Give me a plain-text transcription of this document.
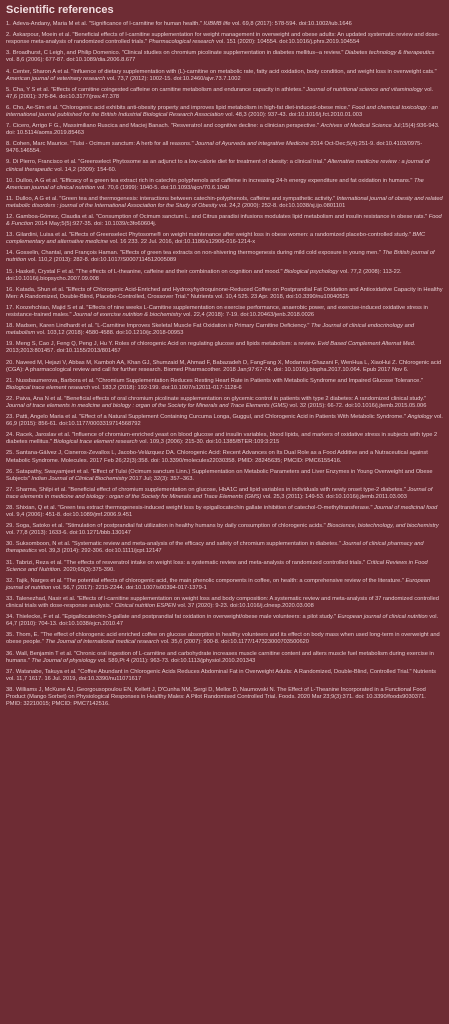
Scientific references
1. Adeva-Andany, Maria M et al. "Significance of l-carnitine for human health." IUBMB life vol. 69,8 (2017): 578-594. doi:10.1002/iub.1646
2. Askarpour, Moein et al. "Beneficial effects of l-carnitine supplementation for weight management in overweight and obese adults: An updated systematic review and dose-response meta-analysis of randomized controlled trials." Pharmacological research vol. 151 (2020): 104554. doi:10.1016/j.phrs.2019.104554
3. Broadhurst, C Leigh, and Philip Domenico. "Clinical studies on chromium picolinate supplementation in diabetes mellitus--a review." Diabetes technology & therapeutics vol. 8,6 (2006): 677-87. doi:10.1089/dia.2006.8.677
4. Center, Sharon A et al. "Influence of dietary supplementation with (L)-carnitine on metabolic rate, fatty acid oxidation, body condition, and weight loss in overweight cats." American journal of veterinary research vol. 73,7 (2012): 1002-15. doi:10.2460/ajvr.73.7.1002
5. Cha, Y S et al. "Effects of carnitine coingested caffeine on carnitine metabolism and endurance capacity in athletes." Journal of nutritional science and vitaminology vol. 47,6 (2001): 378-84. doi:10.3177/jnsv.47.378
6. Cho, Ae-Sim et al. "Chlorogenic acid exhibits anti-obesity property and improves lipid metabolism in high-fat diet-induced-obese mice." Food and chemical toxicology : an international journal published for the British Industrial Biological Research Association vol. 48,3 (2010): 937-43. doi:10.1016/j.fct.2010.01.003
7. Cicero, Arrigo F G., Massimiliano Ruscica and Maciej Banach. "Resveratrol and cognitive decline: a clinician perspective." Archives of Medical Science Jul;15(4):936-943. doi: 10.5114/aoms.2019.85463
8. Cohen, Marc Maurice. "Tulsi - Ocimum sanctum: A herb for all reasons." Journal of Ayurveda and integrative Medicine 2014 Oct-Dec;5(4):251-9. doi:10.4103/0975-9476.146554.
9. Di Pierro, Francisco et al. "Greenselect Phytosome as an adjunct to a low-calorie diet for treatment of obesity: a clinical trial." Alternative medicine review : a journal of clinical therapeutic vol. 14,2 (2009): 154-60.
10. Dulloo, A G et al. "Efficacy of a green tea extract rich in catechin polyphenols and caffeine in increasing 24-h energy expenditure and fat oxidation in humans." The American journal of clinical nutrition vol. 70,6 (1999): 1040-5. doi:10.1093/ajcn/70.6.1040
11. Dulloo, A G et al. "Green tea and thermogenesis: interactions between catechin-polyphenols, caffeine and sympathetic activity." International journal of obesity and related metabolic disorders : journal of the International Association for the Study of Obesity vol. 24,2 (2000): 252-8. doi:10.1038/sj.ijo.0801101
12. Gamboa-Gómez, Claudia et al. "Consumption of Ocimum sanctum L. and Citrus paradisi infusions modulates lipid metabolism and insulin resistance in obese rats." Food & Function 2014 May;5(5):927-35. doi: 10.1039/c3fo60604j.
13. Gilardini, Luisa et al. "Effects of Greenselect Phytosome® on weight maintenance after weight loss in obese women: a randomized placebo-controlled study." BMC complementary and alternative medicine vol. 16 233. 22 Jul. 2016, doi:10.1186/s12906-016-1214-x
14. Gosselin, Chantal, and François Haman. "Effects of green tea extracts on non-shivering thermogenesis during mild cold exposure in young men." The British journal of nutrition vol. 110,2 (2013): 282-8. doi:10.1017/S0007114512005089
15. Haskell, Crystal F et al. "The effects of L-theanine, caffeine and their combination on cognition and mood." Biological psychology vol. 77,2 (2008): 113-22. doi:10.1016/j.biopsycho.2007.09.008
16. Katada, Shun et al. "Effects of Chlorogenic Acid-Enriched and Hydroxyhydroquinone-Reduced Coffee on Postprandial Fat Oxidation and Antioxidative Capacity in Healthy Men: A Randomized, Double-Blind, Placebo-Controlled, Crossover Trial." Nutrients vol. 10,4 525. 23 Apr. 2018, doi:10.3390/nu10040525
17. Koozehchian, Majid S et al. "Effects of nine weeks L-Carnitine supplementation on exercise performance, anaerobic power, and exercise-induced oxidative stress in resistance-trained males." Journal of exercise nutrition & biochemistry vol. 22,4 (2018): 7-19. doi:10.20463/jenb.2018.0026
18. Madsen, Karen Lindhardt et al. "L-Carnitine Improves Skeletal Muscle Fat Oxidation in Primary Carnitine Deficiency." The Journal of clinical endocrinology and metabolism vol. 103,12 (2018): 4580-4588. doi:10.1210/jc.2018-00953
19. Meng S, Cao J, Feng Q, Peng J, Hu Y. Roles of chlorogenic Acid on regulating glucose and lipids metabolism: a review. Evid Based Complement Alternat Med. 2013;2013:801457. doi:10.1155/2013/801457
20. Naveed M, Hejazi V, Abbas M, Kamboh AA, Khan GJ, Shumzaid M, Ahmad F, Babazadeh D, FangFang X, Modarresi-Ghazani F, WenHua L, XiaoHui Z. Chlorogenic acid (CGA): A pharmacological review and call for further research. Biomed Pharmacother. 2018 Jan;97:67-74. doi: 10.1016/j.biopha.2017.10.064. Epub 2017 Nov 6.
21. Nussbaumerova, Barbora et al. "Chromium Supplementation Reduces Resting Heart Rate in Patients with Metabolic Syndrome and Impaired Glucose Tolerance." Biological trace element research vol. 183,2 (2018): 192-199. doi:10.1007/s12011-017-1128-6
22. Paiva, Ana N et al. "Beneficial effects of oral chromium picolinate supplementation on glycemic control in patients with type 2 diabetes: A randomized clinical study." Journal of trace elements in medicine and biology : organ of the Society for Minerals and Trace Elements (GMS) vol. 32 (2015): 66-72. doi:10.1016/j.jtemb.2015.05.006
23. Patti, Angelo Maria et al. "Effect of a Natural Supplement Containing Curcuma Longa, Guggul, and Chlorogenic Acid in Patients With Metabolic Syndrome." Angiology vol. 66,9 (2015): 856-61. doi:10.1177/0003319714568792
24. Racek, Jaroslav et al. "Influence of chromium-enriched yeast on blood glucose and insulin variables, blood lipids, and markers of oxidative stress in subjects with type 2 diabetes mellitus." Biological trace element research vol. 109,3 (2006): 215-30. doi:10.1385/BTER:109:3:215
25. Santana-Gálvez J, Cisneros-Zevallos L, Jacobo-Velázquez DA. Chlorogenic Acid: Recent Advances on Its Dual Role as a Food Additive and a Nutraceutical against Metabolic Syndrome. Molecules. 2017 Feb 26;22(3):358. doi: 10.3390/molecules22030358. PMID: 28245635; PMCID: PMC6155416.
26. Satapathy, Swayamjeet et al. "Effect of Tulsi (Ocimum sanctum Linn.) Supplementation on Metabolic Parameters and Liver Enzymes in Young Overweight and Obese Subjects" Indian Journal of Clinical Biochemistry 2017 Jul; 32(3): 357–363.
27. Sharma, Shilpi et al. "Beneficial effect of chromium supplementation on glucose, HbA1C and lipid variables in individuals with newly onset type-2 diabetes." Journal of trace elements in medicine and biology : organ of the Society for Minerals and Trace Elements (GMS) vol. 25,3 (2011): 149-53. doi:10.1016/j.jtemb.2011.03.003
28. Shixian, Q et al. "Green tea extract thermogenesis-induced weight loss by epigallocatechin gallate inhibition of catechol-O-methyltransferase." Journal of medicinal food vol. 9,4 (2006): 451-8. doi:10.1089/jmf.2006.9.451
29. Soga, Satoko et al. "Stimulation of postprandial fat utilization in healthy humans by daily consumption of chlorogenic acids." Bioscience, biotechnology, and biochemistry vol. 77,8 (2013): 1633-6. doi:10.1271/bbb.130147
30. Suksomboon, N et al. "Systematic review and meta-analysis of the efficacy and safety of chromium supplementation in diabetes." Journal of clinical pharmacy and therapeutics vol. 39,3 (2014): 292-306. doi:10.1111/jcpt.12147
31. Tabrizi, Reza et al. "The effects of resveratrol intake on weight loss: a systematic review and meta-analysis of randomized controlled trials." Critical Reviews in Food Science and Nutrition. 2020;60(3):375-390.
32. Tajik, Narges et al. "The potential effects of chlorogenic acid, the main phenolic components in coffee, on health: a comprehensive review of the literature." European journal of nutrition vol. 56,7 (2017): 2215-2244. doi:10.1007/s00394-017-1379-1
33. Talenezhad, Nasir et al. "Effects of l-carnitine supplementation on weight loss and body composition: A systematic review and meta-analysis of 37 randomized controlled clinical trials with dose-response analysis." Clinical nutrition ESPEN vol. 37 (2020): 9-23. doi:10.1016/j.clnesp.2020.03.008
34. Thielecke, F et al. "Epigallocatechin-3-gallate and postprandial fat oxidation in overweight/obese male volunteers: a pilot study." European journal of clinical nutrition vol. 64,7 (2010): 704-13. doi:10.1038/ejcn.2010.47
35. Thom, E. "The effect of chlorogenic acid enriched coffee on glucose absorption in healthy volunteers and its effect on body mass when used long-term in overweight and obese people." The Journal of international medical research vol. 35,6 (2007): 900-8. doi:10.1177/147323000703500620
36. Wall, Benjamin T et al. "Chronic oral ingestion of L-carnitine and carbohydrate increases muscle carnitine content and alters muscle fuel metabolism during exercise in humans." The Journal of physiology vol. 589,Pt 4 (2011): 963-73. doi:10.1113/jphysiol.2010.201343
37. Watanabe, Takuya et al. "Coffee Abundant in Chlorogenic Acids Reduces Abdominal Fat in Overweight Adults: A Randomized, Double-Blind, Controlled Trial." Nutrients vol. 11,7 1617. 16 Jul. 2019, doi:10.3390/nu11071617
38. Williams J, McKune AJ, Georgousopoulou EN, Kellett J, D'Cunha NM, Sergi D, Mellor D, Naumovski N. The Effect of L-Theanine Incorporated in a Functional Food Product (Mango Sorbet) on Physiological Responses in Healthy Males: A Pilot Randomised Controlled Trial. Foods. 2020 Mar 23;9(3):371. doi: 10.3390/foods9030371. PMID: 32210015; PMCID: PMC7142516.
